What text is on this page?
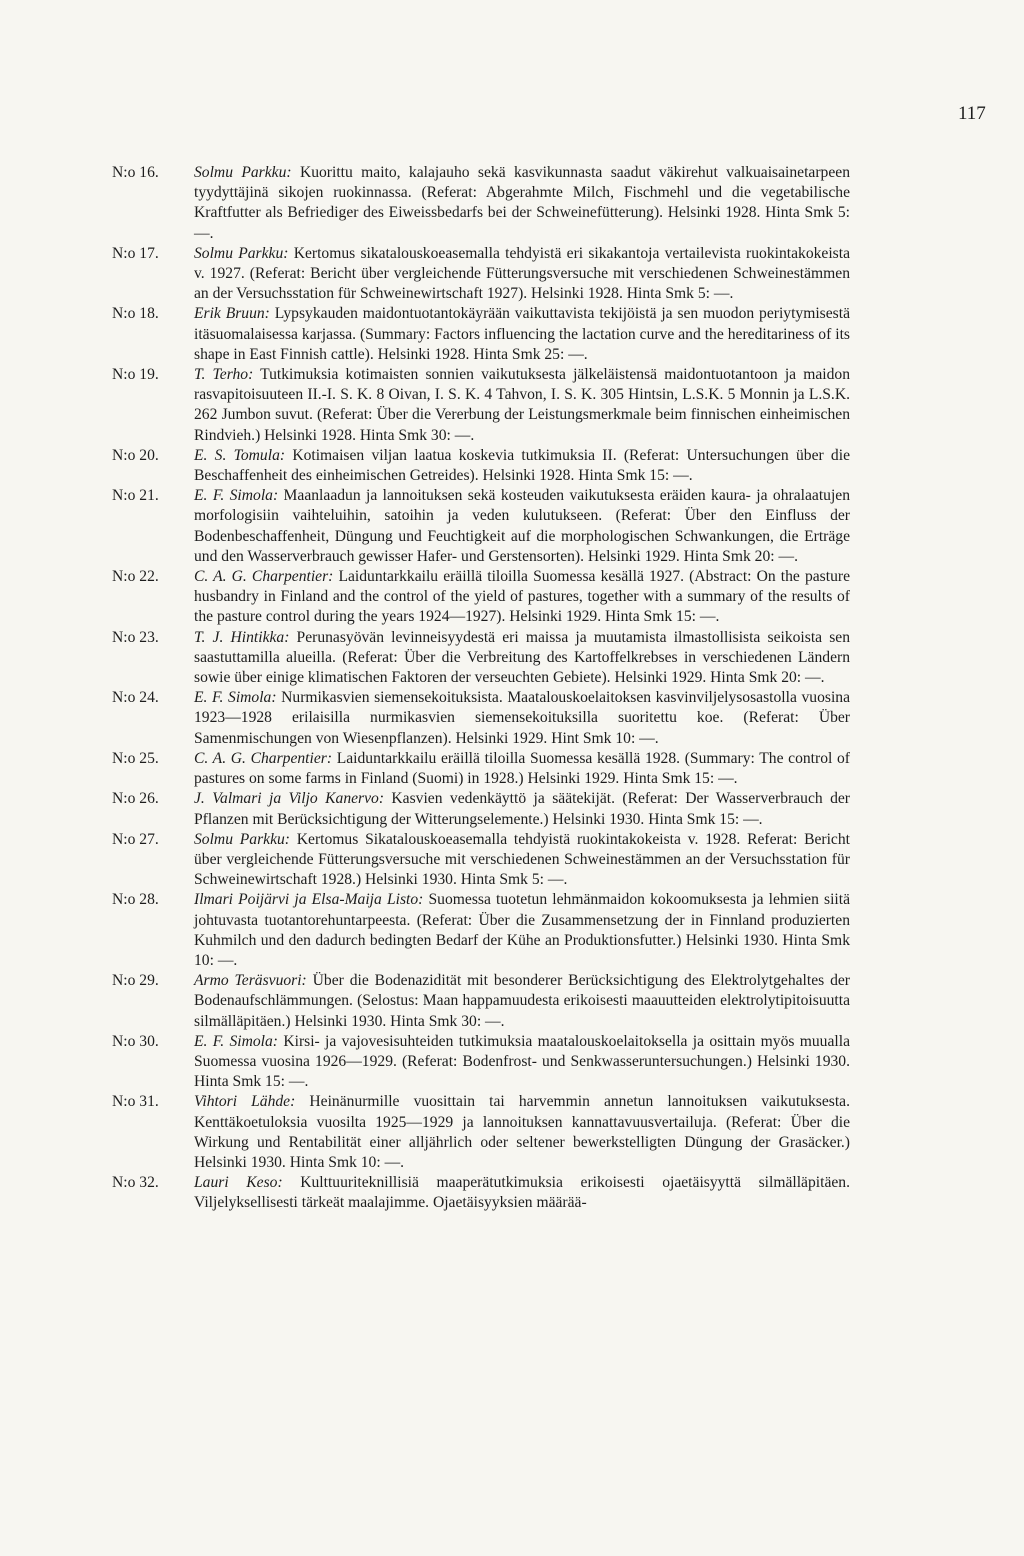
117
N:o 16.	Solmu Parkku: Kuorittu maito, kalajauho sekä kasvikunnasta saadut väkirehut valkuaisainetarpeen tyydyttäjinä sikojen ruokinnassa. (Referat: Abgerahmte Milch, Fischmehl und die vegetabilische Kraftfutter als Befriediger des Eiweissbedarfs bei der Schweinefütterung). Helsinki 1928. Hinta Smk 5: —.
N:o 17.	Solmu Parkku: Kertomus sikatalouskoeasemalla tehdyistä eri sikakantoja vertailevista ruokintakokeista v. 1927. (Referat: Bericht über vergleichende Fütterungsversuche mit verschiedenen Schweinestämmen an der Versuchsstation für Schweinewirtschaft 1927). Helsinki 1928. Hinta Smk 5: —.
N:o 18.	Erik Bruun: Lypsykauden maidontuotantokäyrään vaikuttavista tekijöistä ja sen muodon periytymisestä itäsuomalaisessa karjassa. (Summary: Factors influencing the lactation curve and the hereditariness of its shape in East Finnish cattle). Helsinki 1928. Hinta Smk 25: —.
N:o 19.	T. Terho: Tutkimuksia kotimaisten sonnien vaikutuksesta jälkeläistensä maidontuotantoon ja maidon rasvapitoisuuteen II.-I. S. K. 8 Oivan, I. S. K. 4 Tahvon, I. S. K. 305 Hintsin, L.S.K. 5 Monnin ja L.S.K. 262 Jumbon suvut. (Referat: Über die Vererbung der Leistungsmerkmale beim finnischen einheimischen Rindvieh.) Helsinki 1928. Hinta Smk 30: —.
N:o 20.	E. S. Tomula: Kotimaisen viljan laatua koskevia tutkimuksia II. (Referat: Untersuchungen über die Beschaffenheit des einheimischen Getreides). Helsinki 1928. Hinta Smk 15: —.
N:o 21.	E. F. Simola: Maanlaadun ja lannoituksen sekä kosteuden vaikutuksesta eräiden kaura- ja ohralaatujen morfologisiin vaihteluihin, satoihin ja veden kulutukseen. (Referat: Über den Einfluss der Bodenbeschaffenheit, Düngung und Feuchtigkeit auf die morphologischen Schwankungen, die Erträge und den Wasserverbrauch gewisser Hafer- und Gerstensorten). Helsinki 1929. Hinta Smk 20: —.
N:o 22.	C. A. G. Charpentier: Laiduntarkkailu eräillä tiloilla Suomessa kesällä 1927. (Abstract: On the pasture husbandry in Finland and the control of the yield of pastures, together with a summary of the results of the pasture control during the years 1924—1927). Helsinki 1929. Hinta Smk 15: —.
N:o 23.	T. J. Hintikka: Perunasyövän levinneisyydestä eri maissa ja muutamista ilmastollisista seikoista sen saastuttamilla alueilla. (Referat: Über die Verbreitung des Kartoffelkrebses in verschiedenen Ländern sowie über einige klimatischen Faktoren der verseuchten Gebiete). Helsinki 1929. Hinta Smk 20: —.
N:o 24.	E. F. Simola: Nurmikasvien siemensekoituksista. Maatalouskoelaitoksen kasvinviljelysosastolla vuosina 1923—1928 erilaisilla nurmikasvien siemensekoituksilla suoritettu koe. (Referat: Über Samenmischungen von Wiesenpflanzen). Helsinki 1929. Hint Smk 10: —.
N:o 25.	C. A. G. Charpentier: Laiduntarkkailu eräillä tiloilla Suomessa kesällä 1928. (Summary: The control of pastures on some farms in Finland (Suomi) in 1928.) Helsinki 1929. Hinta Smk 15: —.
N:o 26.	J. Valmari ja Viljo Kanervo: Kasvien vedenkäyttö ja säätekijät. (Referat: Der Wasserverbrauch der Pflanzen mit Berücksichtigung der Witterungselemente.) Helsinki 1930. Hinta Smk 15: —.
N:o 27.	Solmu Parkku: Kertomus Sikatalouskoeasemalla tehdyistä ruokintakokeista v. 1928. Referat: Bericht über vergleichende Fütterungsversuche mit verschiedenen Schweinestämmen an der Versuchsstation für Schweinewirtschaft 1928.) Helsinki 1930. Hinta Smk 5: —.
N:o 28.	Ilmari Poijärvi ja Elsa-Maija Listo: Suomessa tuotetun lehmänmaidon kokoomuksesta ja lehmien siitä johtuvasta tuotantorehuntarpeesta. (Referat: Über die Zusammensetzung der in Finnland produzierten Kuhmilch und den dadurch bedingten Bedarf der Kühe an Produktionsfutter.) Helsinki 1930. Hinta Smk 10: —.
N:o 29.	Armo Teräsvuori: Über die Bodenazidität mit besonderer Berücksichtigung des Elektrolytgehaltes der Bodenaufschlämmungen. (Selostus: Maan happamuudesta erikoisesti maauutteiden elektrolytipitoisuutta silmälläpitäen.) Helsinki 1930. Hinta Smk 30: —.
N:o 30.	E. F. Simola: Kirsi- ja vajovesisuhteiden tutkimuksia maatalouskoelaitoksella ja osittain myös muualla Suomessa vuosina 1926—1929. (Referat: Bodenfrost- und Senkwasseruntersuchungen.) Helsinki 1930. Hinta Smk 15: —.
N:o 31.	Vihtori Lähde: Heinänurmille vuosittain tai harvemmin annetun lannoituksen vaikutuksesta. Kenttäkoetuloksia vuosilta 1925—1929 ja lannoituksen kannattavuusvertailuja. (Referat: Über die Wirkung und Rentabilität einer alljährlich oder seltener bewerkstelligten Düngung der Grasäcker.) Helsinki 1930. Hinta Smk 10: —.
N:o 32.	Lauri Keso: Kulttuuriteknillisiä maaperätutkimuksia erikoisesti ojaetäisyyttä silmälläpitäen. Viljelyksellisesti tärkeät maalajimme. Ojaetäisyyksien määrää-
